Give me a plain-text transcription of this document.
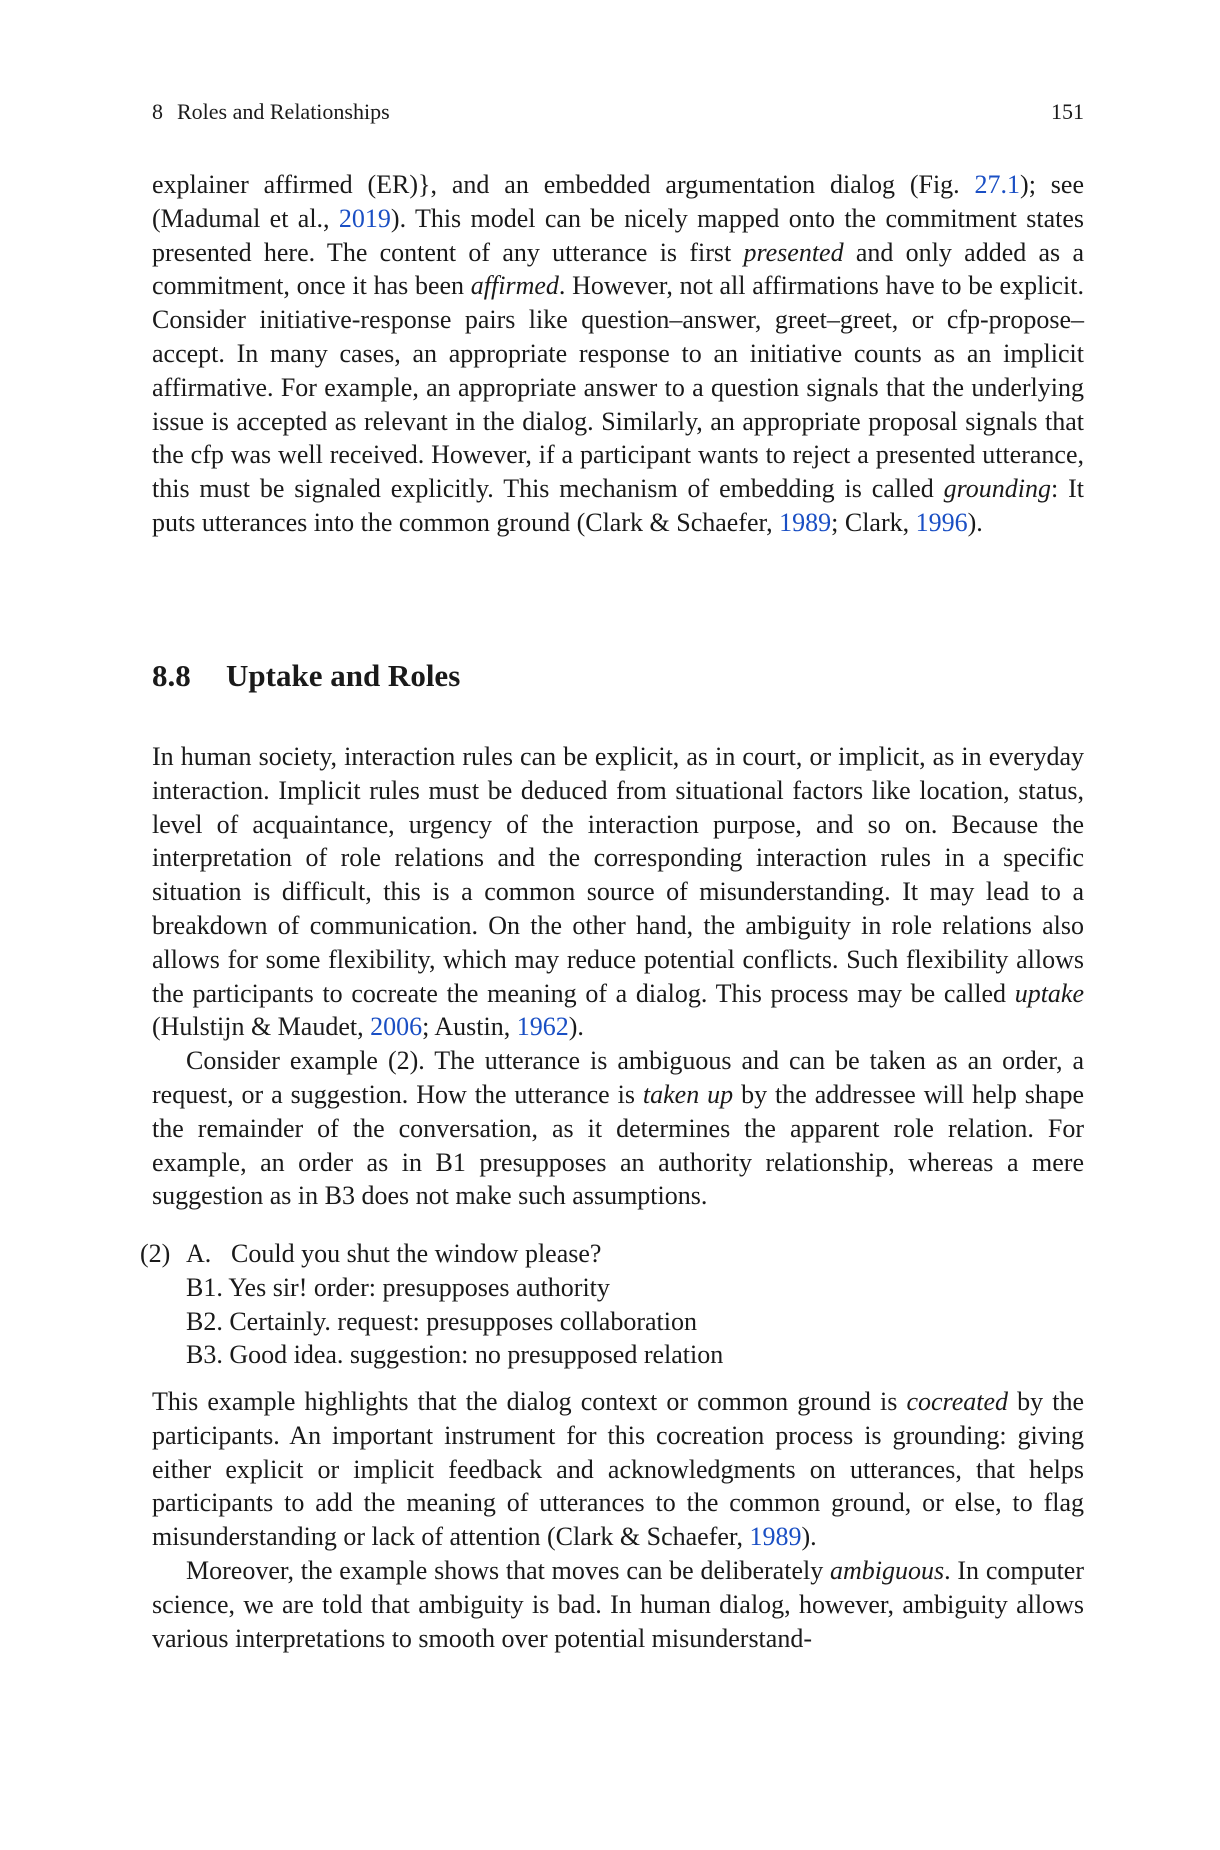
8 Roles and Relationships	151

explainer affirmed (ER)}, and an embedded argumentation dialog (Fig. 27.1); see (Madumal et al., 2019). This model can be nicely mapped onto the commitment states presented here. The content of any utterance is first presented and only added as a commitment, once it has been affirmed. However, not all affirmations have to be explicit. Consider initiative-response pairs like question–answer, greet–greet, or cfp-propose–accept. In many cases, an appropriate response to an initiative counts as an implicit affirmative. For example, an appropriate answer to a question signals that the underlying issue is accepted as relevant in the dialog. Similarly, an appropriate proposal signals that the cfp was well received. However, if a participant wants to reject a presented utterance, this must be signaled explicitly. This mechanism of embedding is called grounding: It puts utterances into the common ground (Clark & Schaefer, 1989; Clark, 1996).

8.8 Uptake and Roles

In human society, interaction rules can be explicit, as in court, or implicit, as in everyday interaction. Implicit rules must be deduced from situational factors like location, status, level of acquaintance, urgency of the interaction purpose, and so on. Because the interpretation of role relations and the corresponding interaction rules in a specific situation is difficult, this is a common source of misunderstanding. It may lead to a breakdown of communication. On the other hand, the ambiguity in role relations also allows for some flexibility, which may reduce potential conflicts. Such flexibility allows the participants to cocreate the meaning of a dialog. This process may be called uptake (Hulstijn & Maudet, 2006; Austin, 1962).

Consider example (2). The utterance is ambiguous and can be taken as an order, a request, or a suggestion. How the utterance is taken up by the addressee will help shape the remainder of the conversation, as it determines the apparent role relation. For example, an order as in B1 presupposes an authority relationship, whereas a mere suggestion as in B3 does not make such assumptions.

(2) A. Could you shut the window please?
B1. Yes sir! order: presupposes authority
B2. Certainly. request: presupposes collaboration
B3. Good idea. suggestion: no presupposed relation

This example highlights that the dialog context or common ground is cocreated by the participants. An important instrument for this cocreation process is grounding: giving either explicit or implicit feedback and acknowledgments on utterances, that helps participants to add the meaning of utterances to the common ground, or else, to flag misunderstanding or lack of attention (Clark & Schaefer, 1989).

Moreover, the example shows that moves can be deliberately ambiguous. In computer science, we are told that ambiguity is bad. In human dialog, however, ambiguity allows various interpretations to smooth over potential misunderstand-
